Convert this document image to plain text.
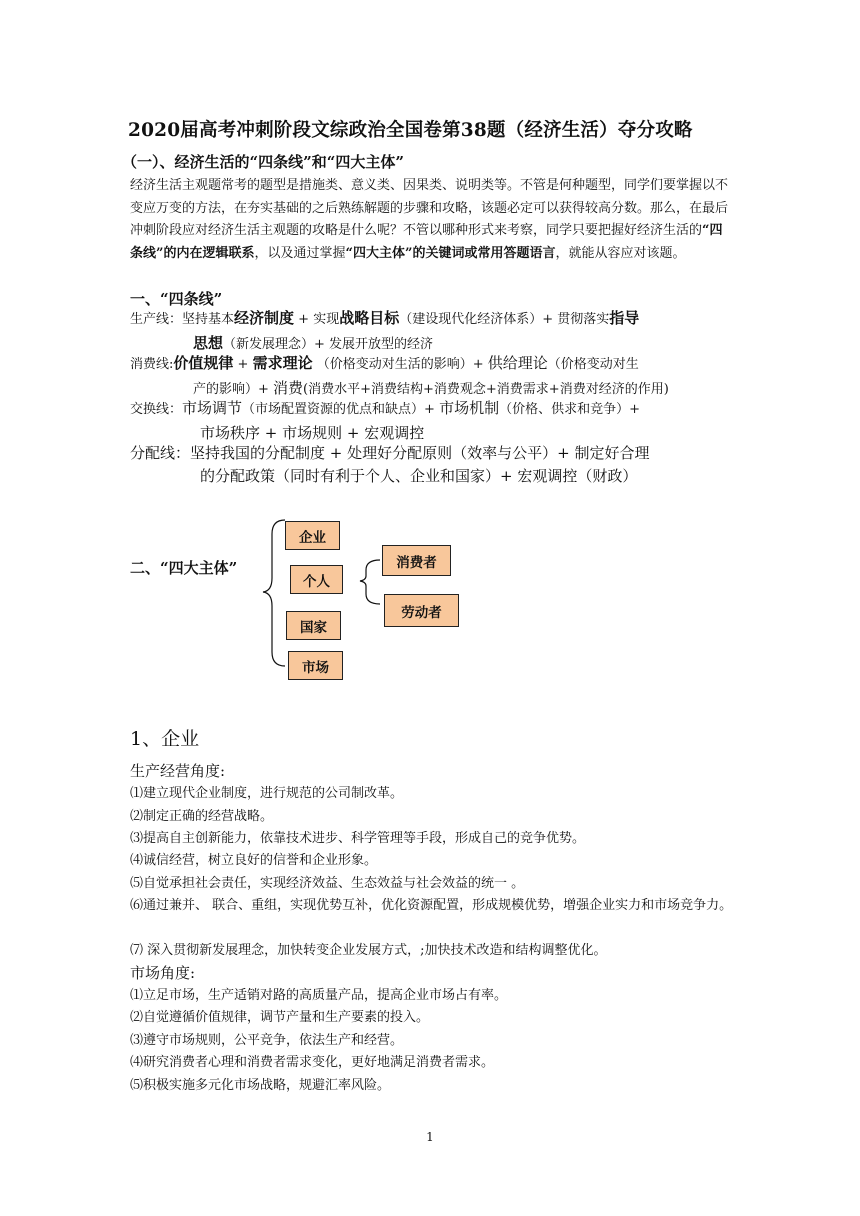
2020届高考冲刺阶段文综政治全国卷第38题（经济生活）夺分攻略
（一）、经济生活的“四条线”和“四大主体”
经济生活主观题常考的题型是措施类、意义类、因果类、说明类等。不管是何种题型，同学们要掌握以不变应万变的方法，在夯实基础的之后熟练解题的步骤和攻略，该题必定可以获得较高分数。那么，在最后冲刺阶段应对经济生活主观题的攻略是什么呢？不管以哪种形式来考察，同学只要把握好经济生活的“四条线”的内在逻辑联系，以及通过掌握“四大主体”的关键词或常用答题语言，就能从容应对该题。
一、“四条线”
生产线：坚持基本经济制度 + 实现战略目标（建设现代化经济体系）+ 贯彻落实指导
思想（新发展理念）+ 发展开放型的经济
消费线:价值规律 + 需求理论 （价格变动对生活的影响）+ 供给理论（价格变动对生
产的影响）+ 消费(消费水平+消费结构+消费观念+消费需求+消费对经济的作用)
交换线：市场调节（市场配置资源的优点和缺点）+ 市场机制（价格、供求和竞争）+
市场秩序 + 市场规则 + 宏观调控
分配线：坚持我国的分配制度 + 处理好分配原则（效率与公平）+ 制定好合理
的分配政策（同时有利于个人、企业和国家）+ 宏观调控（财政）
二、“四大主体”
企业
个人
国家
市场
消费者
劳动者
1、企业
生产经营角度:
⑴建立现代企业制度，进行规范的公司制改革。
⑵制定正确的经营战略。
⑶提高自主创新能力，依靠技术进步、科学管理等手段，形成自己的竞争优势。
⑷诚信经营，树立良好的信誉和企业形象。
⑸自觉承担社会责任，实现经济效益、生态效益与社会效益的统一 。
⑹通过兼并、 联合、重组，实现优势互补，优化资源配置，形成规模优势，增强企业实力和市场竞争力。
⑺ 深入贯彻新发展理念，加快转变企业发展方式，;加快技术改造和结构调整优化。
市场角度:
⑴立足市场，生产适销对路的高质量产品，提高企业市场占有率。
⑵自觉遵循价值规律，调节产量和生产要素的投入。
⑶遵守市场规则，公平竞争，依法生产和经营。
⑷研究消费者心理和消费者需求变化，更好地满足消费者需求。
⑸积极实施多元化市场战略，规避汇率风险。
1
